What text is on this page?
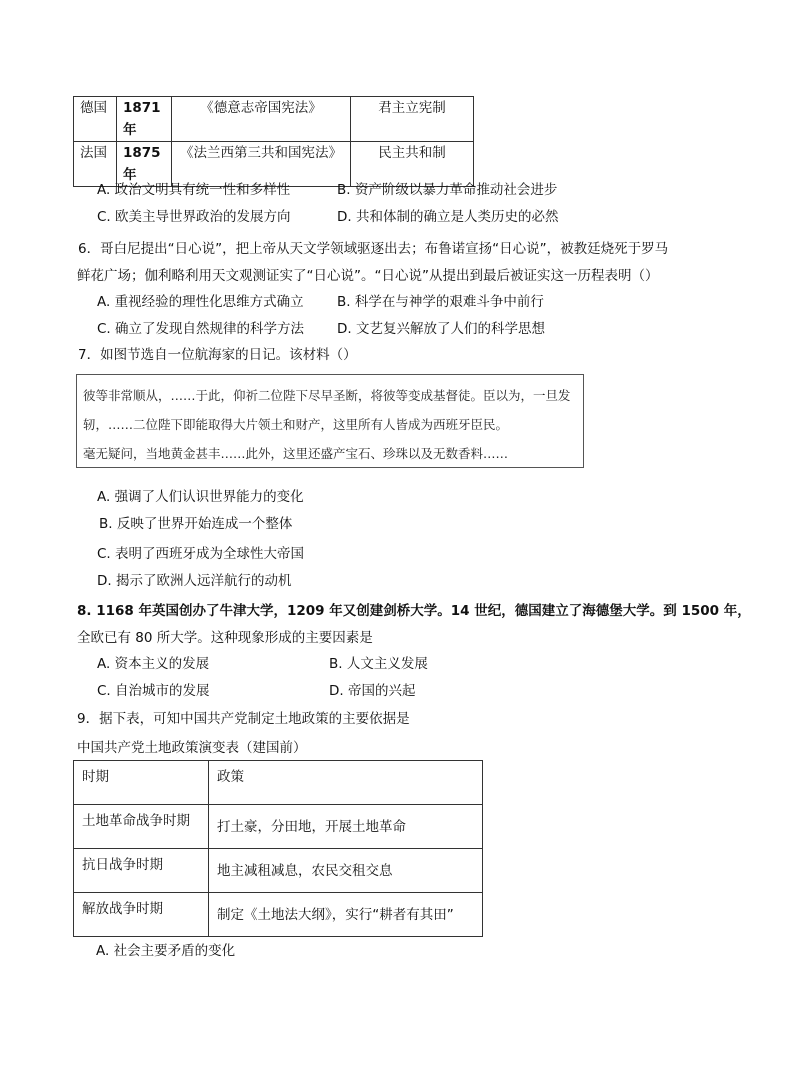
德国	1871 年	《德意志帝国宪法》	君主立宪制
法国	1875 年	《法兰西第三共和国宪法》	民主共和制
A. 政治文明具有统一性和多样性	B. 资产阶级以暴力革命推动社会进步
C. 欧美主导世界政治的发展方向	D. 共和体制的确立是人类历史的必然
6．哥白尼提出“日心说”，把上帝从天文学领域驱逐出去；布鲁诺宣扬“日心说”，被教廷烧死于罗马
鲜花广场；伽利略利用天文观测证实了“日心说”。“日心说”从提出到最后被证实这一历程表明（）
A. 重视经验的理性化思维方式确立 B. 科学在与神学的艰难斗争中前行
C. 确立了发现自然规律的科学方法 D. 文艺复兴解放了人们的科学思想
7．如图节选自一位航海家的日记。该材料（）
彼等非常顺从，……于此，仰祈二位陛下尽早圣断，将彼等变成基督徒。臣以为，一旦发
轫，……二位陛下即能取得大片领土和财产，这里所有人皆成为西班牙臣民。
毫无疑问，当地黄金甚丰……此外，这里还盛产宝石、珍珠以及无数香料……
A. 强调了人们认识世界能力的变化
B. 反映了世界开始连成一个整体
C. 表明了西班牙成为全球性大帝国
D. 揭示了欧洲人远洋航行的动机
8. 1168 年英国创办了牛津大学，1209 年又创建剑桥大学。14 世纪，德国建立了海德堡大学。到 1500 年，
全欧已有 80 所大学。这种现象形成的主要因素是
A. 资本主义的发展	B. 人文主义发展
C. 自治城市的发展	D. 帝国的兴起
9．据下表，可知中国共产党制定土地政策的主要依据是
中国共产党土地政策演变表（建国前）
时期	政策
土地革命战争时期	打土豪，分田地，开展土地革命
抗日战争时期	地主减租减息，农民交租交息
解放战争时期	制定《土地法大纲》，实行“耕者有其田”
A. 社会主要矛盾的变化
